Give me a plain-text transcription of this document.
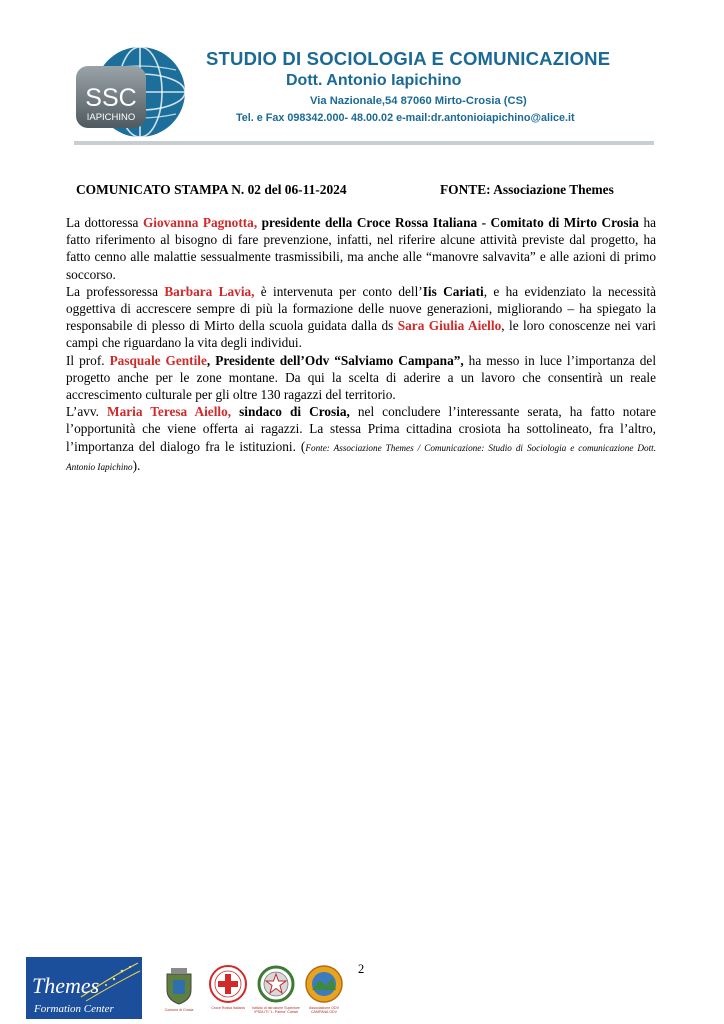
SSC
IAPICHINO
STUDIO DI SOCIOLOGIA E COMUNICAZIONE
Dott. Antonio Iapichino
Via Nazionale,54 87060 Mirto-Crosia (CS)
Tel. e Fax 098342.000- 48.00.02 e-mail:dr.antonioiapichino@alice.it
COMUNICATO STAMPA N. 02 del 06-11-2024	FONTE: Associazione Themes

La dottoressa Giovanna Pagnotta, presidente della Croce Rossa Italiana - Comitato di Mirto Crosia ha fatto riferimento al bisogno di fare prevenzione, infatti, nel riferire alcune attività previste dal progetto, ha fatto cenno alle malattie sessualmente trasmissibili, ma anche alle “manovre salvavita” e alle azioni di primo soccorso.

La professoressa Barbara Lavia, è intervenuta per conto dell’Iis Cariati, e ha evidenziato la necessità oggettiva di accrescere sempre di più la formazione delle nuove generazioni, migliorando – ha spiegato la responsabile di plesso di Mirto della scuola guidata dalla ds Sara Giulia Aiello, le loro conoscenze nei vari campi che riguardano la vita degli individui.

Il prof. Pasquale Gentile, Presidente dell’Odv “Salviamo Campana”, ha messo in luce l’importanza del progetto anche per le zone montane. Da qui la scelta di aderire a un lavoro che consentirà un reale accrescimento culturale per gli oltre 130 ragazzi del territorio.

L’avv. Maria Teresa Aiello, sindaco di Crosia, nel concludere l’interessante serata, ha fatto notare l’opportunità che viene offerta ai ragazzi. La stessa Prima cittadina crosiota ha sottolineato, fra l’altro, l’importanza del dialogo fra le istituzioni. (Fonte: Associazione Themes / Comunicazione: Studio di Sociologia e comunicazione Dott. Antonio Iapichino).

2
Themes
Formation Center	Comune di Crosia	Croce Rossa Italiana	Istituto di Istruzione Superiore IPSIA ITI "L. Palma" Cariati
Associazione ODV CAMPANA ODV
